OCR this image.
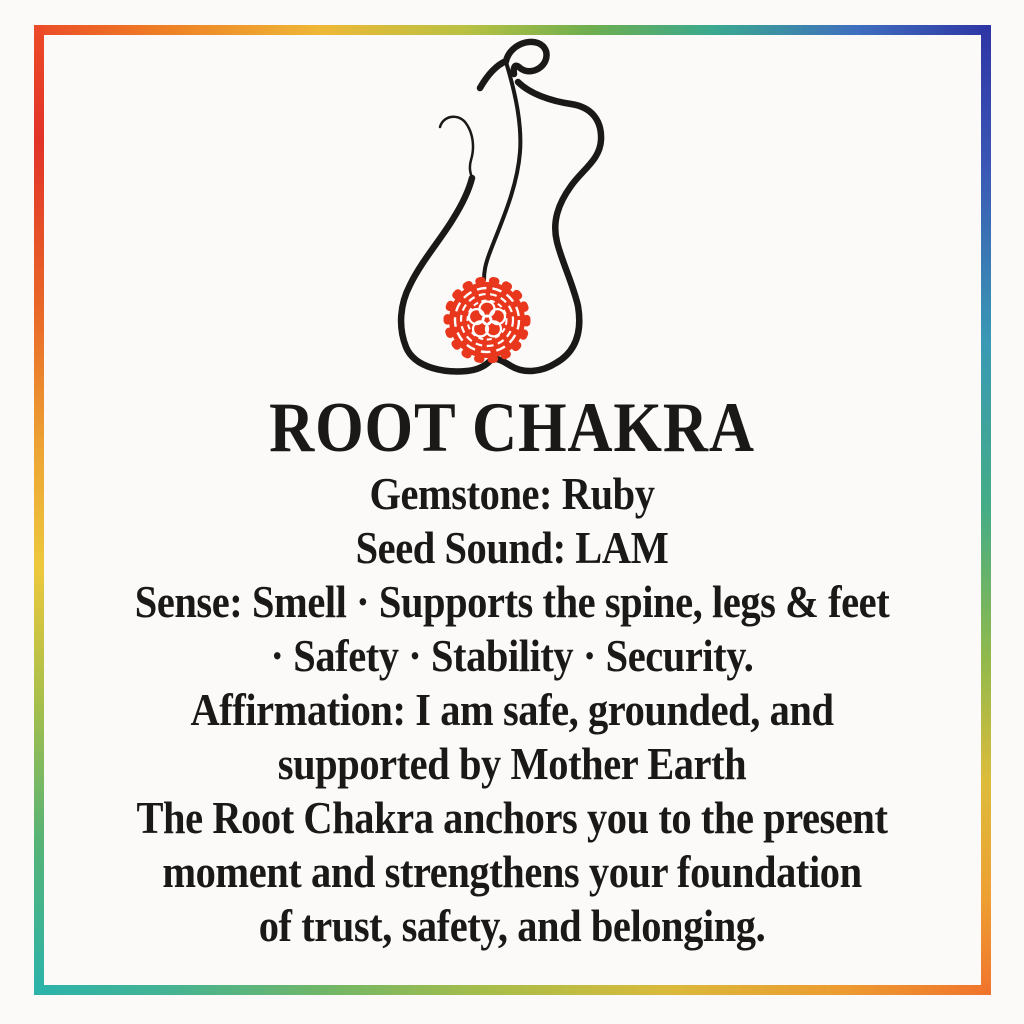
ROOT CHAKRA
Gemstone: Ruby
Seed Sound: LAM
Sense: Smell · Supports the spine, legs & feet
· Safety · Stability · Security.
Affirmation: I am safe, grounded, and
supported by Mother Earth
The Root Chakra anchors you to the present
moment and strengthens your foundation
of trust, safety, and belonging.
